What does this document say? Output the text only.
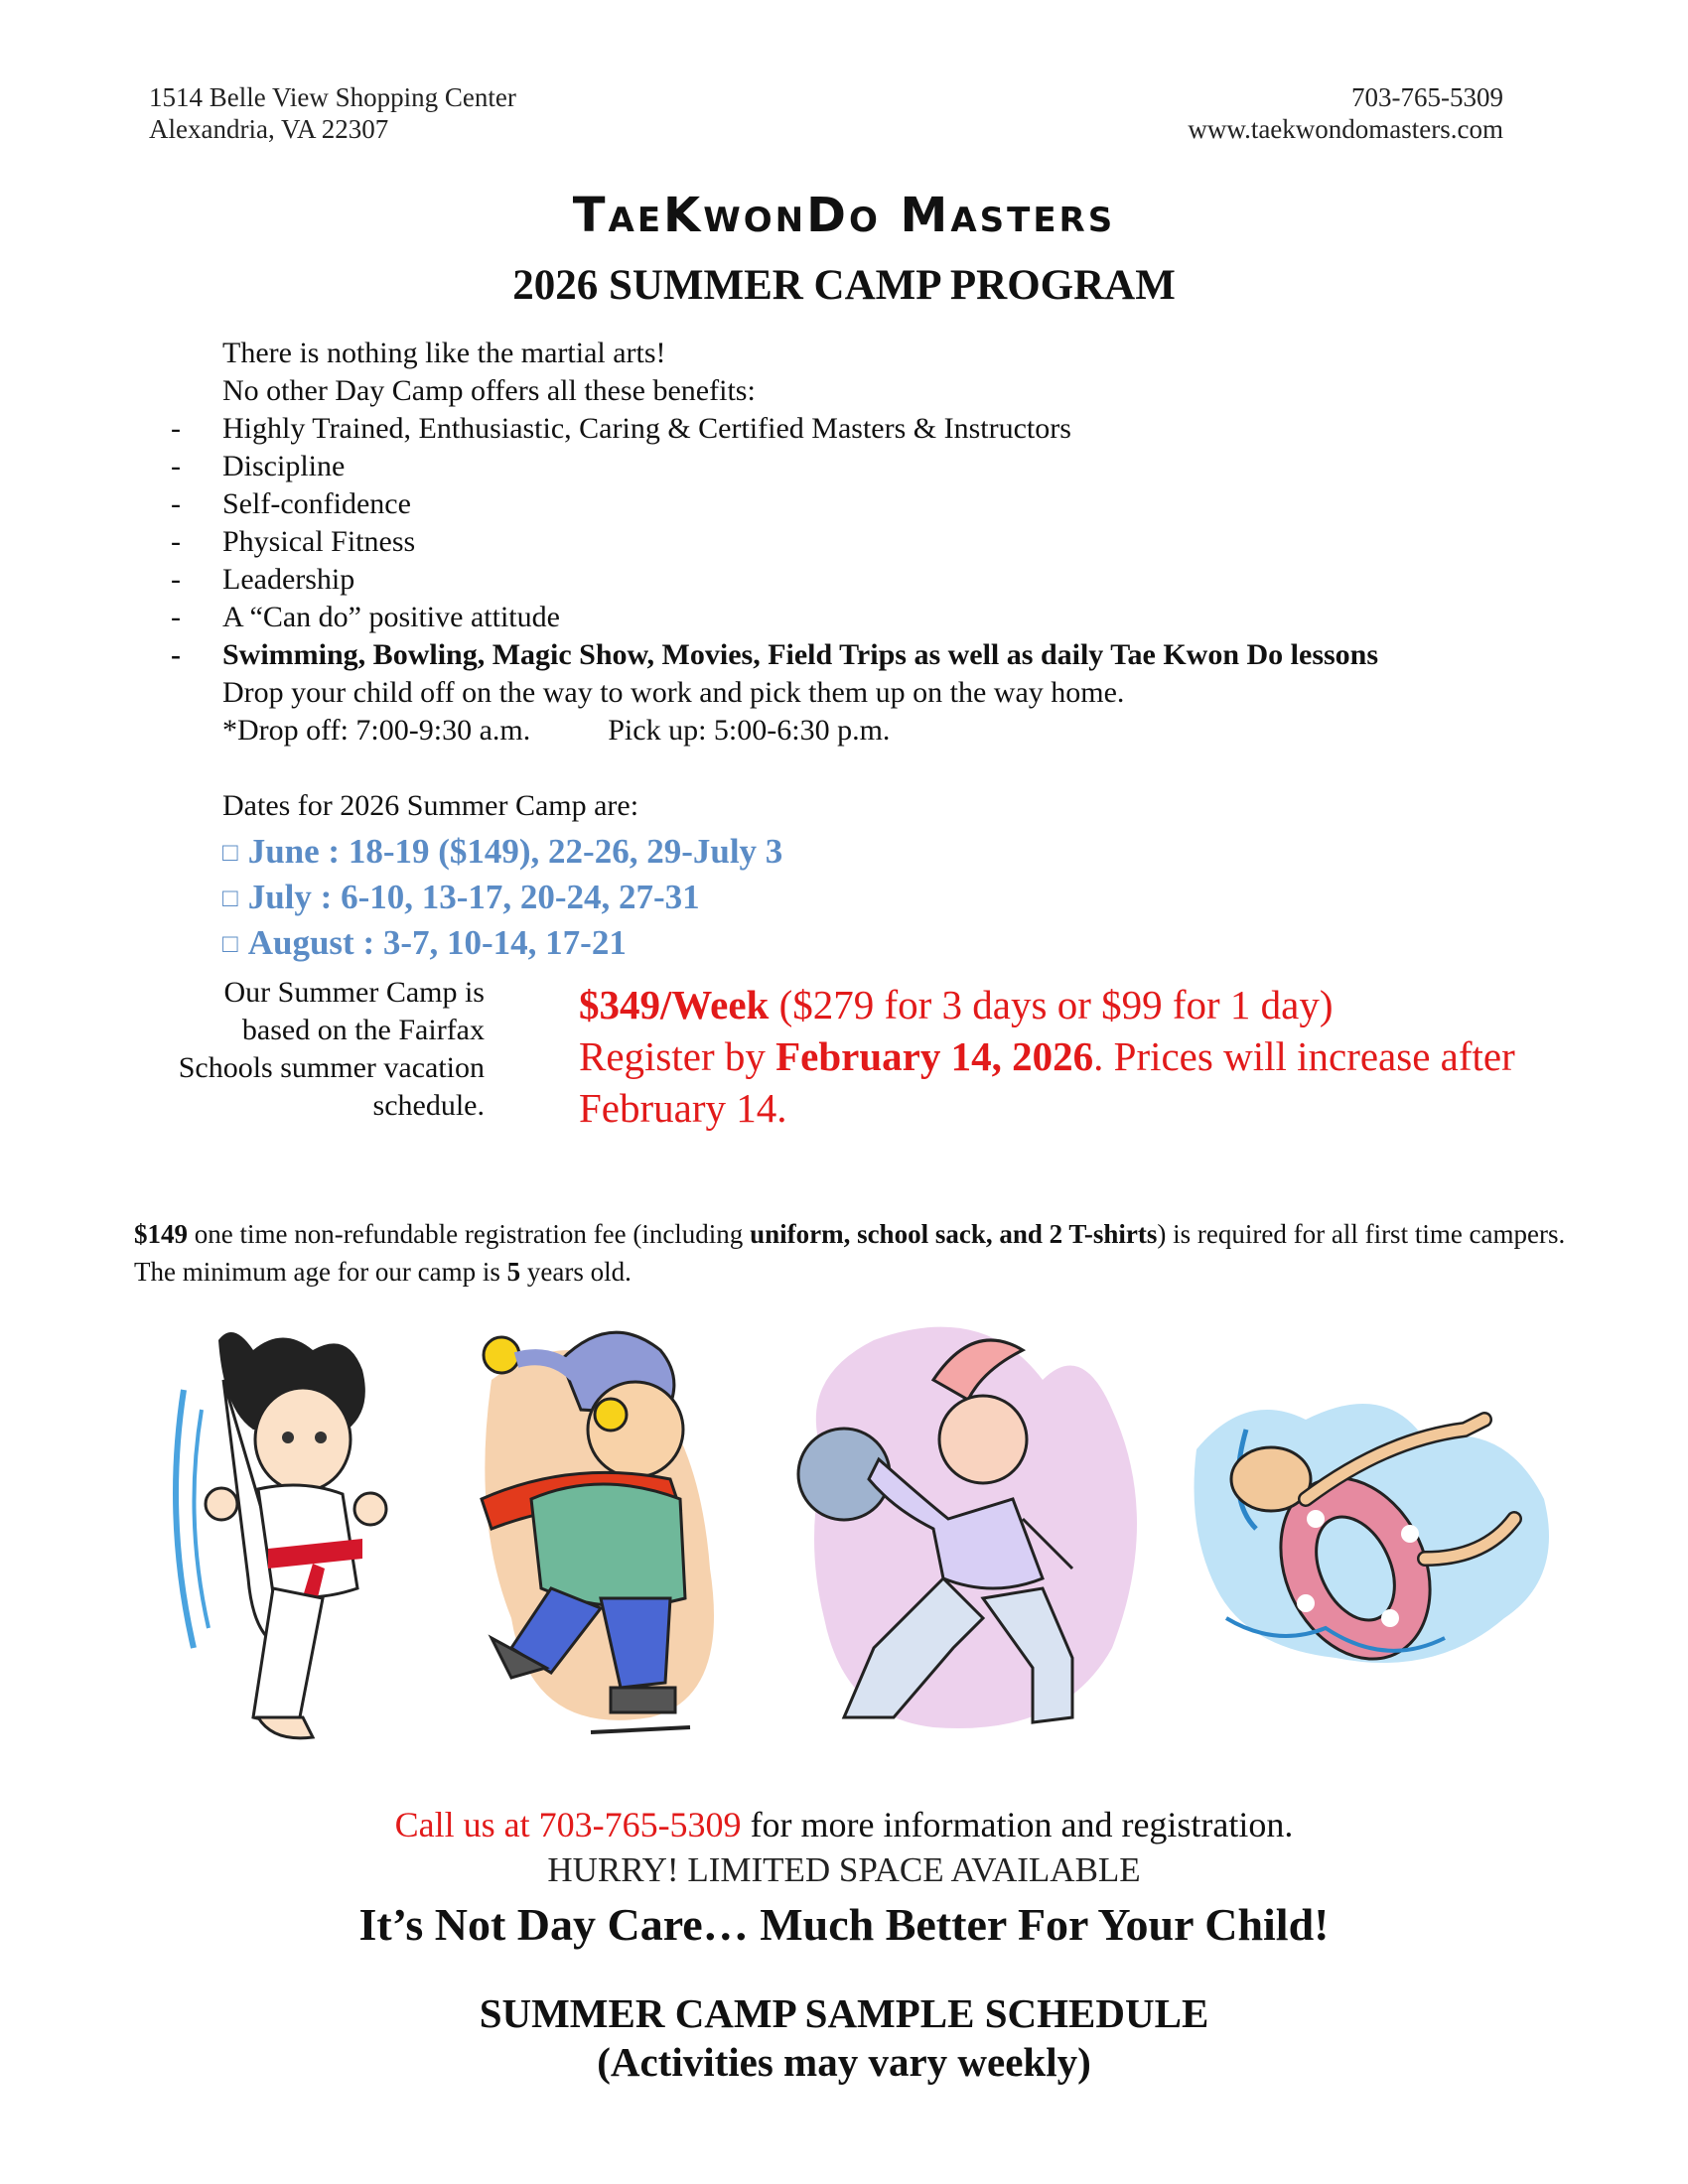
1514 Belle View Shopping Center
Alexandria, VA 22307
703-765-5309
www.taekwondomasters.com
TaeKwonDo Masters
2026 SUMMER CAMP PROGRAM

There is nothing like the martial arts!

No other Day Camp offers all these benefits:

- Highly Trained, Enthusiastic, Caring & Certified Masters & Instructors
- Discipline
- Self-confidence
- Physical Fitness
- Leadership
- A “Can do” positive attitude
- Swimming, Bowling, Magic Show, Movies, Field Trips as well as daily Tae Kwon Do lessons

Drop your child off on the way to work and pick them up on the way home.

*Drop off: 7:00-9:30 a.m.	Pick up: 5:00-6:30 p.m.

Dates for 2026 Summer Camp are:

□ June : 18-19 ($149), 22-26, 29-July 3
□ July : 6-10, 13-17, 20-24, 27-31
□ August : 3-7, 10-14, 17-21
Our Summer Camp is
based on the Fairfax
Schools summer vacation
schedule.
$349/Week ($279 for 3 days or $99 for 1 day)
Register by February 14, 2026. Prices will increase after February 14.
$149 one time non-refundable registration fee (including uniform, school sack, and 2 T-shirts) is required for all first time campers. The minimum age for our camp is 5 years old.
Call us at 703-765-5309 for more information and registration.
HURRY! LIMITED SPACE AVAILABLE
It’s Not Day Care… Much Better For Your Child!
SUMMER CAMP SAMPLE SCHEDULE
(Activities may vary weekly)
